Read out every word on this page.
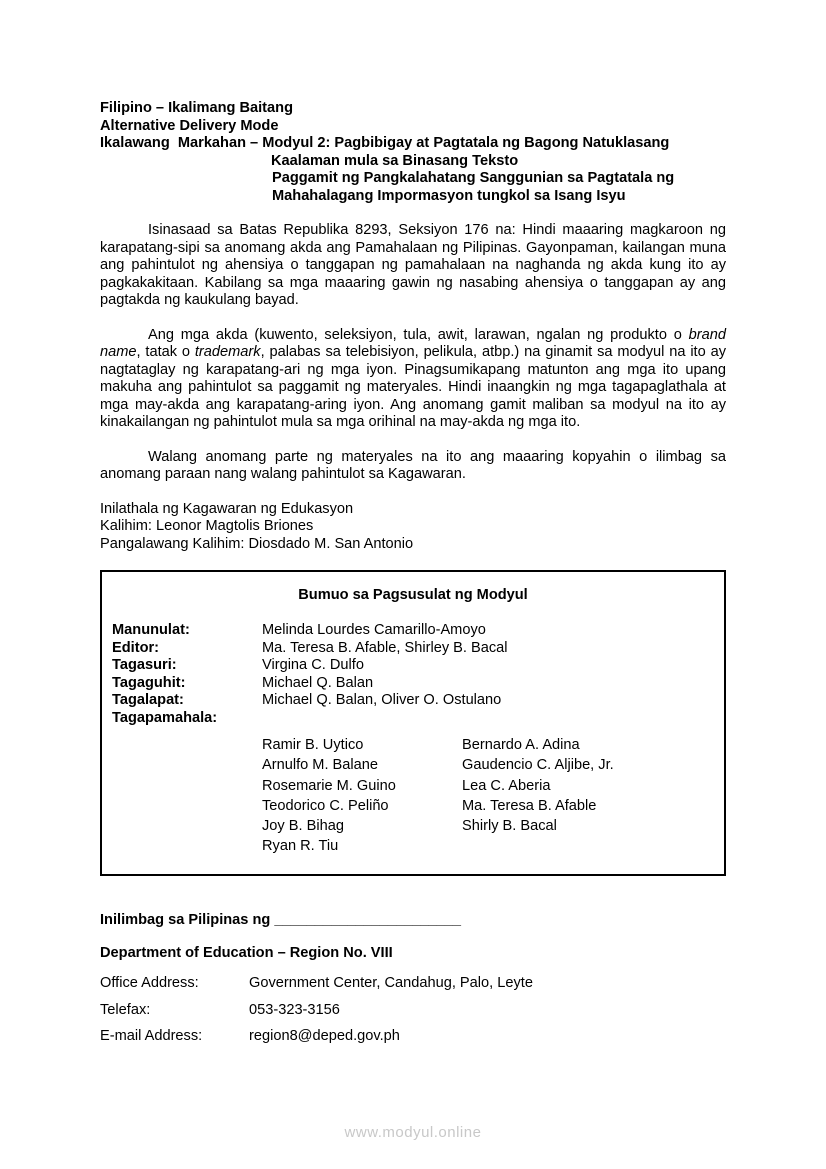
Filipino – Ikalimang Baitang
Alternative Delivery Mode
Ikalawang  Markahan – Modyul 2: Pagbibigay at Pagtatala ng Bagong Natuklasang
Kaalaman mula sa Binasang Teksto
Paggamit ng Pangkalahatang Sanggunian sa Pagtatala ng
Mahahalagang Impormasyon tungkol sa Isang Isyu

Isinasaad sa Batas Republika 8293, Seksiyon 176 na: Hindi maaaring magkaroon ng karapatang-sipi sa anomang akda ang Pamahalaan ng Pilipinas. Gayonpaman, kailangan muna ang pahintulot ng ahensiya o tanggapan ng pamahalaan na naghanda ng akda kung ito ay pagkakakitaan. Kabilang sa mga maaaring gawin ng nasabing ahensiya o tanggapan ay ang pagtakda ng kaukulang bayad.

Ang mga akda (kuwento, seleksiyon, tula, awit, larawan, ngalan ng produkto o brand name, tatak o trademark, palabas sa telebisiyon, pelikula, atbp.) na ginamit sa modyul na ito ay nagtataglay ng karapatang-ari ng mga iyon. Pinagsumikapang matunton ang mga ito upang makuha ang pahintulot sa paggamit ng materyales. Hindi inaangkin ng mga tagapaglathala at mga may-akda ang karapatang-aring iyon. Ang anomang gamit maliban sa modyul na ito ay kinakailangan ng pahintulot mula sa mga orihinal na may-akda ng mga ito.

Walang anomang parte ng materyales na ito ang maaaring kopyahin o ilimbag sa anomang paraan nang walang pahintulot sa Kagawaran.

Inilathala ng Kagawaran ng Edukasyon
Kalihim: Leonor Magtolis Briones
Pangalawang Kalihim: Diosdado M. San Antonio
Bumuo sa Pagsusulat ng Modyul
Manunulat:	Melinda Lourdes Camarillo-Amoyo
Editor:	Ma. Teresa B. Afable, Shirley B. Bacal
Tagasuri:	Virgina C. Dulfo
Tagaguhit:	Michael Q. Balan
Tagalapat:	Michael Q. Balan, Oliver O. Ostulano
Tagapamahala:
Ramir B. Uytico	Bernardo A. Adina
Arnulfo M. Balane	Gaudencio C. Aljibe, Jr.
Rosemarie M. Guino	Lea C. Aberia
Teodorico C. Peliño	Ma. Teresa B. Afable
Joy B. Bihag	Shirly B. Bacal
Ryan R. Tiu
Inilimbag sa Pilipinas ng _______________________
Department of Education – Region No. VIII
Office Address:	Government Center, Candahug, Palo, Leyte
Telefax:	053-323-3156
E-mail Address:	region8@deped.gov.ph
www.modyul.online
